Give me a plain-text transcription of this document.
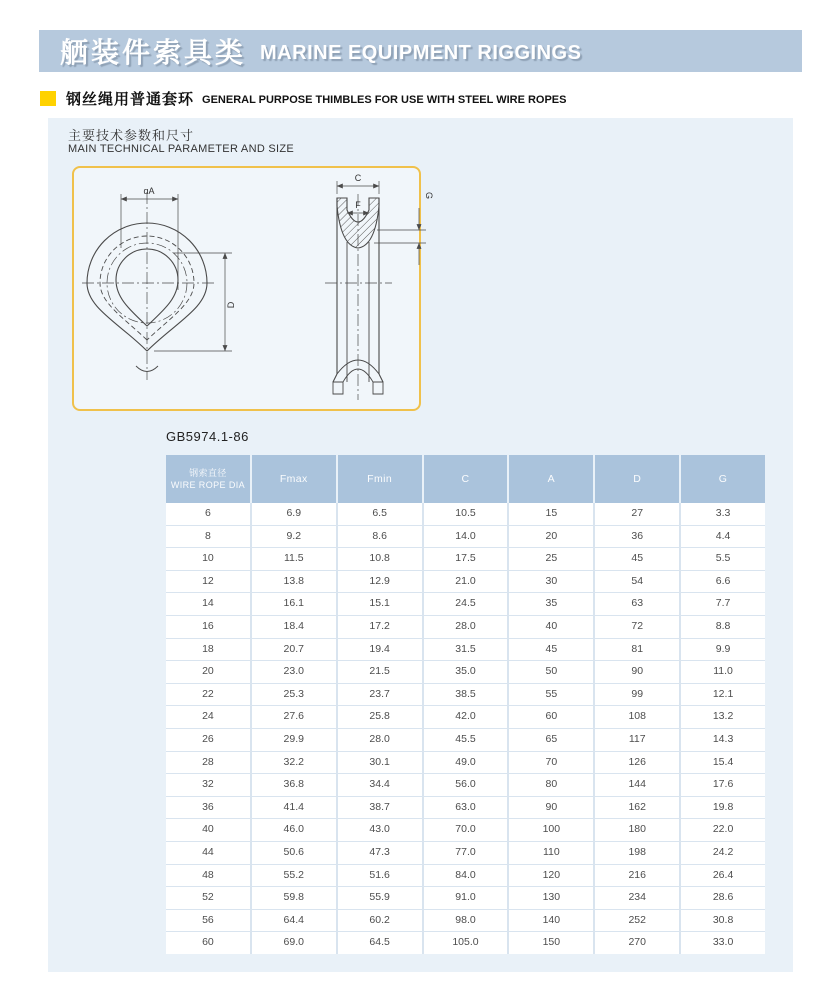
舾装件索具类 MARINE EQUIPMENT RIGGINGS
钢丝绳用普通套环 GENERAL PURPOSE THIMBLES FOR USE WITH STEEL WIRE ROPES
主要技术参数和尺寸
MAIN TECHNICAL PARAMETER AND SIZE
ɑA
D
C
F
G
GB5974.1-86
钢索直径
WIRE ROPE DIA	Fmax	Fmin	C	A	D	G
6	6.9	6.5	10.5	15	27	3.3
8	9.2	8.6	14.0	20	36	4.4
10	11.5	10.8	17.5	25	45	5.5
12	13.8	12.9	21.0	30	54	6.6
14	16.1	15.1	24.5	35	63	7.7
16	18.4	17.2	28.0	40	72	8.8
18	20.7	19.4	31.5	45	81	9.9
20	23.0	21.5	35.0	50	90	11.0
22	25.3	23.7	38.5	55	99	12.1
24	27.6	25.8	42.0	60	108	13.2
26	29.9	28.0	45.5	65	117	14.3
28	32.2	30.1	49.0	70	126	15.4
32	36.8	34.4	56.0	80	144	17.6
36	41.4	38.7	63.0	90	162	19.8
40	46.0	43.0	70.0	100	180	22.0
44	50.6	47.3	77.0	110	198	24.2
48	55.2	51.6	84.0	120	216	26.4
52	59.8	55.9	91.0	130	234	28.6
56	64.4	60.2	98.0	140	252	30.8
60	69.0	64.5	105.0	150	270	33.0
